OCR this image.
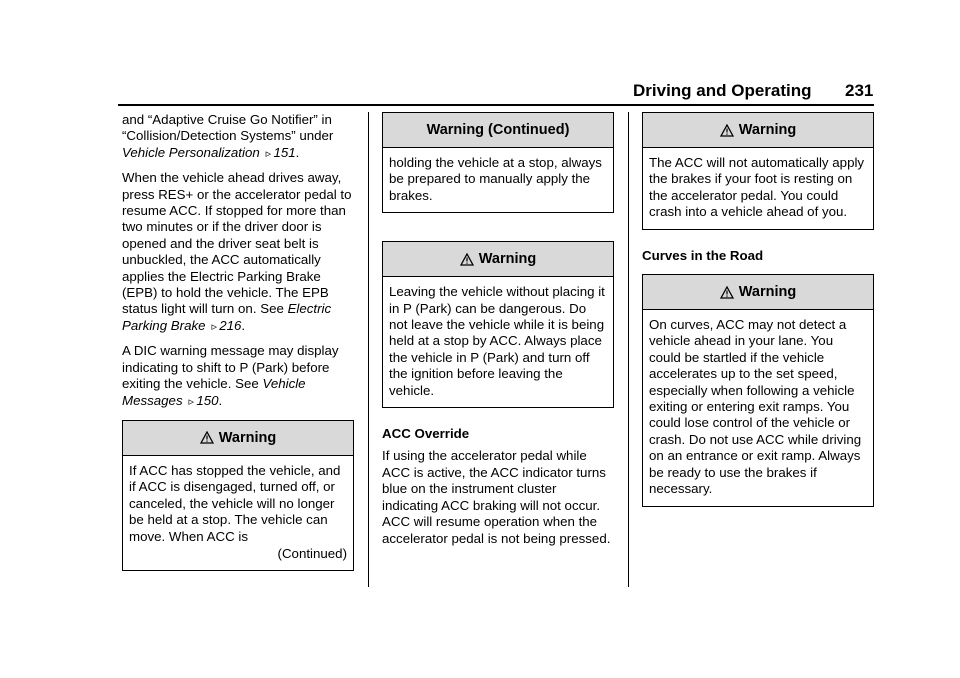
Driving and Operating 231

and “Adaptive Cruise Go Notifier” in
“Collision/Detection Systems” under
Vehicle Personalization ▹ 151.

When the vehicle ahead drives away, press RES+ or the accelerator pedal to resume ACC. If stopped for more than two minutes or if the driver door is opened and the driver seat belt is unbuckled, the ACC automatically applies the Electric Parking Brake (EPB) to hold the vehicle. The EPB status light will turn on. See Electric Parking Brake ▹ 216.

A DIC warning message may display indicating to shift to P (Park) before exiting the vehicle. See Vehicle Messages ▹ 150.

Warning
If ACC has stopped the vehicle, and if ACC is disengaged, turned off, or canceled, the vehicle will no longer be held at a stop. The vehicle can move. When ACC is
(Continued)
Warning (Continued)
holding the vehicle at a stop, always be prepared to manually apply the brakes.
Warning
Leaving the vehicle without placing it in P (Park) can be dangerous. Do not leave the vehicle while it is being held at a stop by ACC. Always place the vehicle in P (Park) and turn off the ignition before leaving the vehicle.
ACC Override

If using the accelerator pedal while ACC is active, the ACC indicator turns blue on the instrument cluster indicating ACC braking will not occur. ACC will resume operation when the accelerator pedal is not being pressed.

Warning
The ACC will not automatically apply the brakes if your foot is resting on the accelerator pedal. You could crash into a vehicle ahead of you.
Curves in the Road
Warning
On curves, ACC may not detect a vehicle ahead in your lane. You could be startled if the vehicle accelerates up to the set speed, especially when following a vehicle exiting or entering exit ramps. You could lose control of the vehicle or crash. Do not use ACC while driving on an entrance or exit ramp. Always be ready to use the brakes if necessary.
